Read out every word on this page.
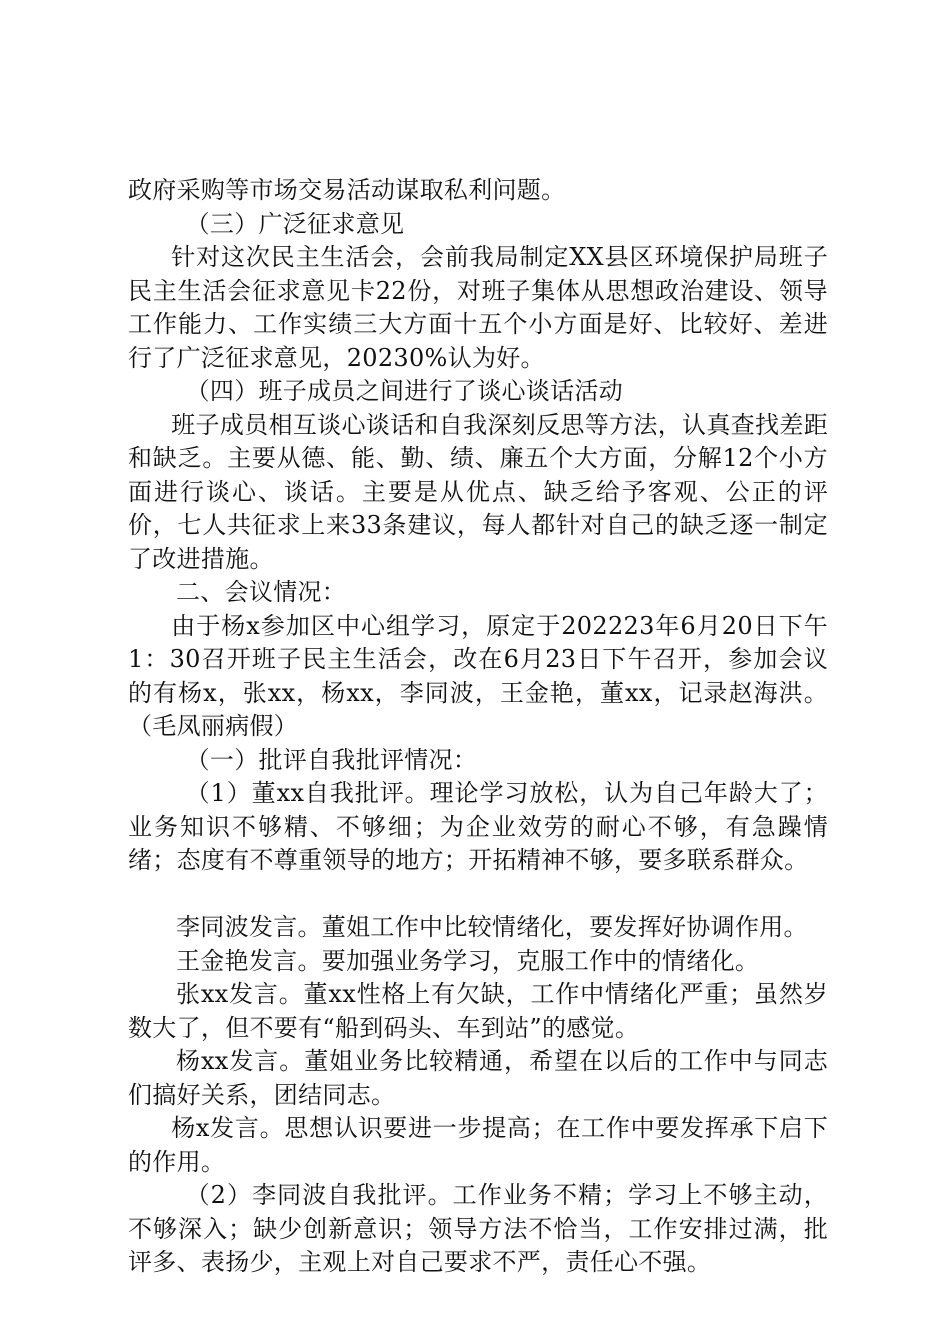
政府采购等市场交易活动谋取私利问题。

（三）广泛征求意见

针对这次民主生活会，会前我局制定XX县区环境保护局班子民主生活会征求意见卡22份，对班子集体从思想政治建设、领导工作能力、工作实绩三大方面十五个小方面是好、比较好、差进行了广泛征求意见，20230%认为好。

（四）班子成员之间进行了谈心谈话活动

班子成员相互谈心谈话和自我深刻反思等方法，认真查找差距和缺乏。主要从德、能、勤、绩、廉五个大方面，分解12个小方面进行谈心、谈话。主要是从优点、缺乏给予客观、公正的评价，七人共征求上来33条建议，每人都针对自己的缺乏逐一制定了改进措施。

二、会议情况：

由于杨x参加区中心组学习，原定于202223年6月20日下午1：30召开班子民主生活会，改在6月23日下午召开，参加会议的有杨x，张xx，杨xx，李同波，王金艳，董xx，记录赵海洪。（毛凤丽病假）

（一）批评自我批评情况：

（1）董xx自我批评。理论学习放松，认为自己年龄大了；业务知识不够精、不够细；为企业效劳的耐心不够，有急躁情绪；态度有不尊重领导的地方；开拓精神不够，要多联系群众。

李同波发言。董姐工作中比较情绪化，要发挥好协调作用。

王金艳发言。要加强业务学习，克服工作中的情绪化。

张xx发言。董xx性格上有欠缺，工作中情绪化严重；虽然岁数大了，但不要有“船到码头、车到站”的感觉。

杨xx发言。董姐业务比较精通，希望在以后的工作中与同志们搞好关系，团结同志。

杨x发言。思想认识要进一步提高；在工作中要发挥承下启下的作用。

（2）李同波自我批评。工作业务不精；学习上不够主动，不够深入；缺少创新意识；领导方法不恰当，工作安排过满，批评多、表扬少，主观上对自己要求不严，责任心不强。
